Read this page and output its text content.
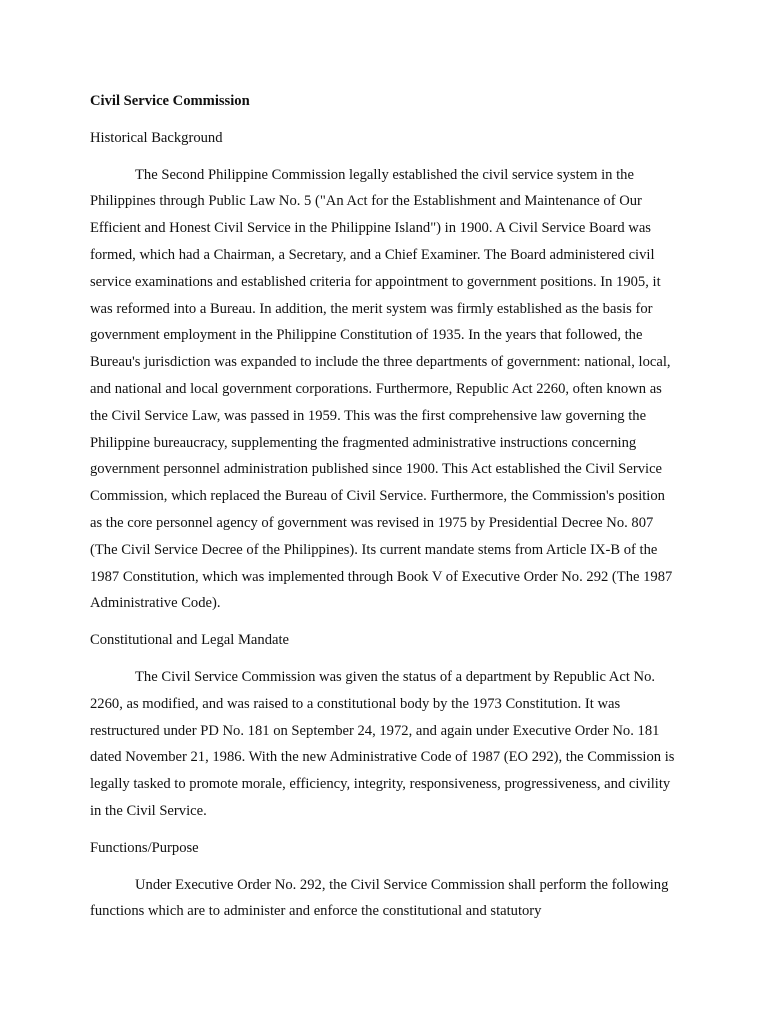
Civil Service Commission
Historical Background
The Second Philippine Commission legally established the civil service system in the Philippines through Public Law No. 5 ("An Act for the Establishment and Maintenance of Our Efficient and Honest Civil Service in the Philippine Island") in 1900. A Civil Service Board was formed, which had a Chairman, a Secretary, and a Chief Examiner. The Board administered civil service examinations and established criteria for appointment to government positions. In 1905, it was reformed into a Bureau. In addition, the merit system was firmly established as the basis for government employment in the Philippine Constitution of 1935. In the years that followed, the Bureau's jurisdiction was expanded to include the three departments of government: national, local, and national and local government corporations. Furthermore, Republic Act 2260, often known as the Civil Service Law, was passed in 1959. This was the first comprehensive law governing the Philippine bureaucracy, supplementing the fragmented administrative instructions concerning government personnel administration published since 1900. This Act established the Civil Service Commission, which replaced the Bureau of Civil Service. Furthermore, the Commission's position as the core personnel agency of government was revised in 1975 by Presidential Decree No. 807 (The Civil Service Decree of the Philippines). Its current mandate stems from Article IX-B of the 1987 Constitution, which was implemented through Book V of Executive Order No. 292 (The 1987 Administrative Code).
Constitutional and Legal Mandate
The Civil Service Commission was given the status of a department by Republic Act No. 2260, as modified, and was raised to a constitutional body by the 1973 Constitution. It was restructured under PD No. 181 on September 24, 1972, and again under Executive Order No. 181 dated November 21, 1986. With the new Administrative Code of 1987 (EO 292), the Commission is legally tasked to promote morale, efficiency, integrity, responsiveness, progressiveness, and civility in the Civil Service.
Functions/Purpose
Under Executive Order No. 292, the Civil Service Commission shall perform the following functions which are to administer and enforce the constitutional and statutory
